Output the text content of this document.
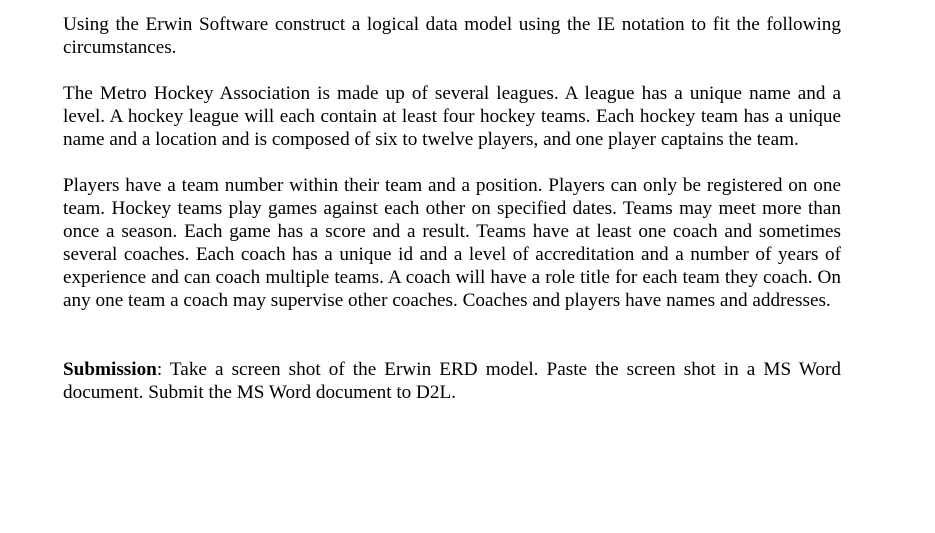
Using the Erwin Software construct a logical data model using the IE notation to fit the following circumstances.

The Metro Hockey Association is made up of several leagues. A league has a unique name and a level. A hockey league will each contain at least four hockey teams. Each hockey team has a unique name and a location and is composed of six to twelve players, and one player captains the team.

Players have a team number within their team and a position. Players can only be registered on one team. Hockey teams play games against each other on specified dates. Teams may meet more than once a season. Each game has a score and a result. Teams have at least one coach and sometimes several coaches. Each coach has a unique id and a level of accreditation and a number of years of experience and can coach multiple teams. A coach will have a role title for each team they coach. On any one team a coach may supervise other coaches. Coaches and players have names and addresses.

Submission: Take a screen shot of the Erwin ERD model. Paste the screen shot in a MS Word document. Submit the MS Word document to D2L.
